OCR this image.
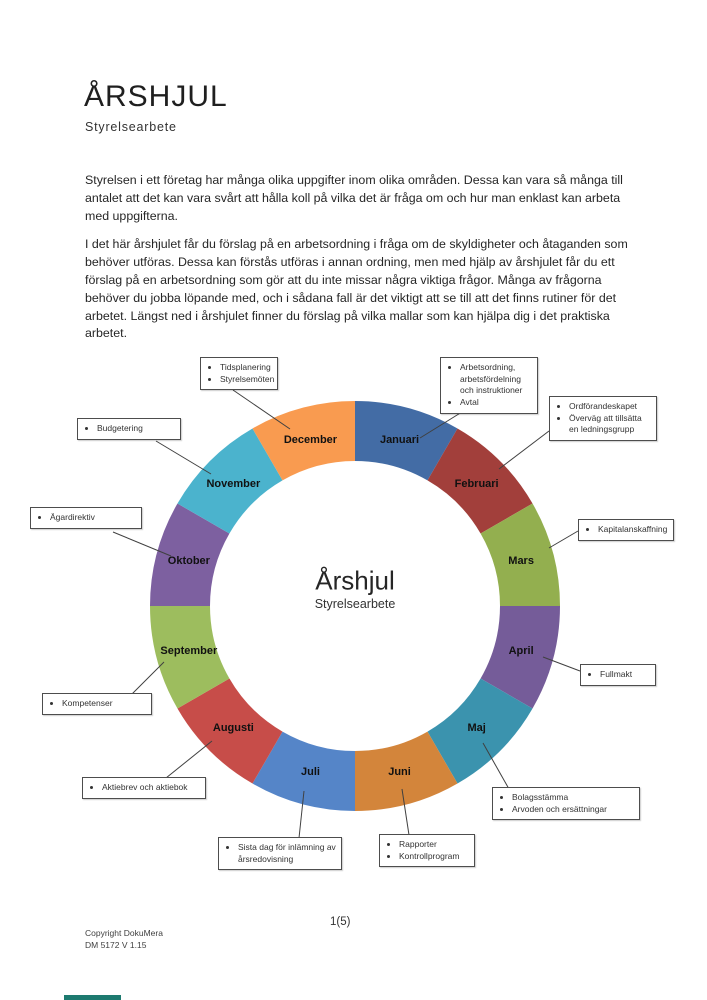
ÅRSHJUL
Styrelsearbete

Styrelsen i ett företag har många olika uppgifter inom olika områden. Dessa kan vara så många till antalet att det kan vara svårt att hålla koll på vilka det är fråga om och hur man enklast kan arbeta med uppgifterna.

I det här årshjulet får du förslag på en arbetsordning i fråga om de skyldigheter och åtaganden som behöver utföras. Dessa kan förstås utföras i annan ordning, men med hjälp av årshjulet får du ett förslag på en arbetsordning som gör att du inte missar några viktiga frågor. Många av frågorna behöver du jobba löpande med, och i sådana fall är det viktigt att se till att det finns rutiner för det arbetet. Längst ned i årshjulet finner du förslag på vilka mallar som kan hjälpa dig i det praktiska arbetet.

Januari
Februari
Mars
April
Maj
Juni
Juli
Augusti
September
Oktober
November
December
Årshjul
Styrelsearbete
• Arbetsordning, arbetsfördelning och instruktioner
• Avtal	• Ordförandeskapet
• Överväg att tillsätta en ledningsgrupp
• Kapitalanskaffning
• Fullmakt
• Bolagsstämma
• Arvoden och ersättningar
• Rapporter
• Kontrollprogram
• Sista dag för inlämning av årsredovisning
• Aktiebrev och aktiebok
• Kompetenser
• Ägardirektiv
• Budgetering
• Tidsplanering
• Styrelsemöten
Copyright DokuMera
DM 5172 V 1.15
1(5)
